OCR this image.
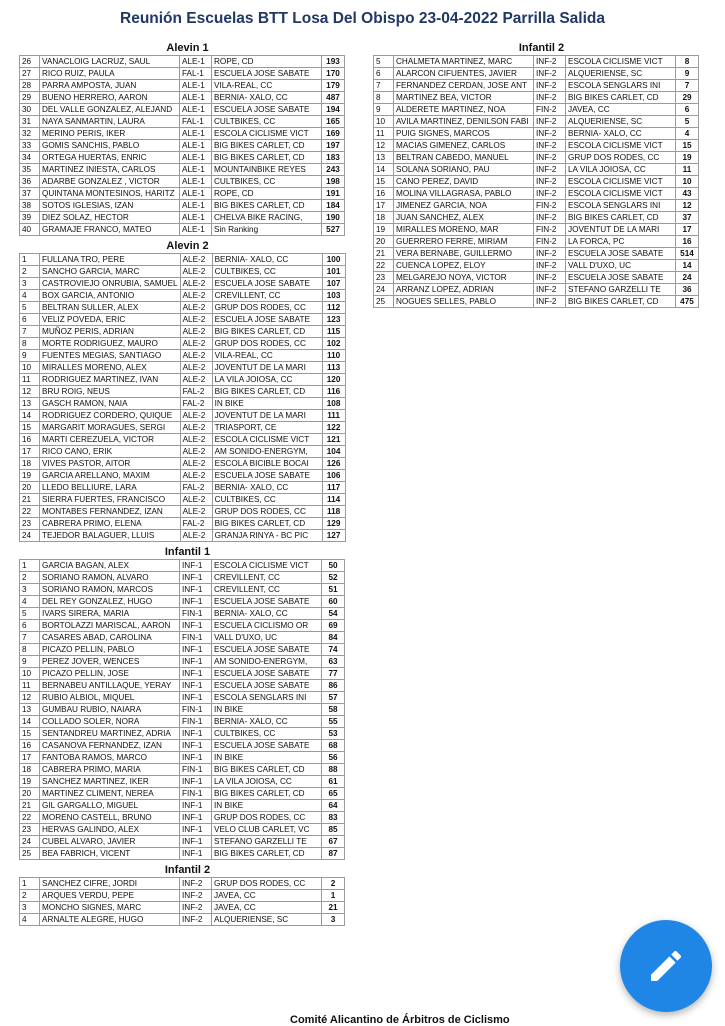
Reunión Escuelas BTT Losa Del Obispo 23-04-2022 Parrilla Salida
Alevin 1
26	VANACLOIG LACRUZ, SAUL	ALE-1	ROPE, CD	193
27	RICO RUIZ, PAULA	FAL-1	ESCUELA JOSE SABATE	170
28	PARRA AMPOSTA, JUAN	ALE-1	VILA-REAL, CC	179
29	BUENO HERRERO, AARON	ALE-1	BERNIA- XALO, CC	487
30	DEL VALLE GONZALEZ, ALEJAND	ALE-1	ESCUELA JOSE SABATE	194
31	NAYA SANMARTIN, LAURA	FAL-1	CULTBIKES, CC	165
32	MERINO PERIS, IKER	ALE-1	ESCOLA CICLISME VICT	169
33	GOMIS SANCHIS, PABLO	ALE-1	BIG BIKES CARLET, CD	197
34	ORTEGA HUERTAS, ENRIC	ALE-1	BIG BIKES CARLET, CD	183
35	MARTINEZ INIESTA, CARLOS	ALE-1	MOUNTAINBIKE REYES	243
36	ADARBE GONZALEZ , VICTOR	ALE-1	CULTBIKES, CC	198
37	QUINTANA MONTESINOS, HARITZ	ALE-1	ROPE, CD	191
38	SOTOS IGLESIAS, IZAN	ALE-1	BIG BIKES CARLET, CD	184
39	DIEZ SOLAZ, HECTOR	ALE-1	CHELVA BIKE RACING,	190
40	GRAMAJE FRANCO, MATEO	ALE-1	Sin Ranking	527
Alevin 2
1	FULLANA TRO, PERE	ALE-2	BERNIA- XALO, CC	100
2	SANCHO GARCIA, MARC	ALE-2	CULTBIKES, CC	101
3	CASTROVIEJO ONRUBIA, SAMUEL	ALE-2	ESCUELA JOSE SABATE	107
4	BOX GARCIA, ANTONIO	ALE-2	CREVILLENT, CC	103
5	BELTRAN SULLER, ALEX	ALE-2	GRUP DOS RODES, CC	112
6	VELIZ POVEDA, ERIC	ALE-2	ESCUELA JOSE SABATE	123
7	MUÑOZ PERIS, ADRIAN	ALE-2	BIG BIKES CARLET, CD	115
8	MORTE RODRIGUEZ, MAURO	ALE-2	GRUP DOS RODES, CC	102
9	FUENTES MEGIAS, SANTIAGO	ALE-2	VILA-REAL, CC	110
10	MIRALLES MORENO, ALEX	ALE-2	JOVENTUT DE LA MARI	113
11	RODRIGUEZ MARTINEZ, IVAN	ALE-2	LA VILA JOIOSA, CC	120
12	BRU ROIG, NEUS	FAL-2	BIG BIKES CARLET, CD	116
13	GASCH RAMON, NAIA	FAL-2	IN BIKE	108
14	RODRIGUEZ CORDERO, QUIQUE	ALE-2	JOVENTUT DE LA MARI	111
15	MARGARIT MORAGUES, SERGI	ALE-2	TRIASPORT, CE	122
16	MARTI CEREZUELA, VICTOR	ALE-2	ESCOLA CICLISME VICT	121
17	RICO CANO, ERIK	ALE-2	AM SONIDO-ENERGYM,	104
18	VIVES PASTOR, AITOR	ALE-2	ESCOLA BICIBLE BOCAI	126
19	GARCIA ARELLANO, MAXIM	ALE-2	ESCUELA JOSE SABATE	106
20	LLEDO BELLIURE, LARA	FAL-2	BERNIA- XALO, CC	117
21	SIERRA FUERTES, FRANCISCO	ALE-2	CULTBIKES, CC	114
22	MONTABES FERNANDEZ, IZAN	ALE-2	GRUP DOS RODES, CC	118
23	CABRERA PRIMO, ELENA	FAL-2	BIG BIKES CARLET, CD	129
24	TEJEDOR BALAGUER, LLUIS	ALE-2	GRANJA RINYA - BC PIC	127
Infantil 1
1	GARCIA BAGAN, ALEX	INF-1	ESCOLA CICLISME VICT	50
2	SORIANO RAMON, ALVARO	INF-1	CREVILLENT, CC	52
3	SORIANO RAMON, MARCOS	INF-1	CREVILLENT, CC	51
4	DEL REY GONZALEZ, HUGO	INF-1	ESCUELA JOSE SABATE	60
5	IVARS SIRERA, MARIA	FIN-1	BERNIA- XALO, CC	54
6	BORTOLAZZI MARISCAL, AARON	INF-1	ESCUELA CICLISMO OR	69
7	CASARES ABAD, CAROLINA	FIN-1	VALL D'UXO, UC	84
8	PICAZO PELLIN, PABLO	INF-1	ESCUELA JOSE SABATE	74
9	PEREZ JOVER, WENCES	INF-1	AM SONIDO-ENERGYM,	63
10	PICAZO PELLIN, JOSE	INF-1	ESCUELA JOSE SABATE	77
11	BERNABEU ANTILLAQUE, YERAY	INF-1	ESCUELA JOSE SABATE	86
12	RUBIO ALBIOL, MIQUEL	INF-1	ESCOLA SENGLARS INI	57
13	GUMBAU RUBIO, NAIARA	FIN-1	IN BIKE	58
14	COLLADO SOLER, NORA	FIN-1	BERNIA- XALO, CC	55
15	SENTANDREU MARTINEZ, ADRIA	INF-1	CULTBIKES, CC	53
16	CASANOVA FERNANDEZ, IZAN	INF-1	ESCUELA JOSE SABATE	68
17	FANTOBA RAMOS, MARCO	INF-1	IN BIKE	56
18	CABRERA PRIMO, MARIA	FIN-1	BIG BIKES CARLET, CD	88
19	SANCHEZ MARTINEZ, IKER	INF-1	LA VILA JOIOSA, CC	61
20	MARTINEZ CLIMENT, NEREA	FIN-1	BIG BIKES CARLET, CD	65
21	GIL GARGALLO, MIGUEL	INF-1	IN BIKE	64
22	MORENO CASTELL, BRUNO	INF-1	GRUP DOS RODES, CC	83
23	HERVAS GALINDO, ALEX	INF-1	VELO CLUB CARLET, VC	85
24	CUBEL ALVARO, JAVIER	INF-1	STEFANO GARZELLI TE	67
25	BEA FABRICH, VICENT	INF-1	BIG BIKES CARLET, CD	87
Infantil 2
1	SANCHEZ CIFRE, JORDI	INF-2	GRUP DOS RODES, CC	2
2	ARQUES VERDU, PEPE	INF-2	JAVEA, CC	1
3	MONCHO SIGNES, MARC	INF-2	JAVEA, CC	21
4	ARNALTE ALEGRE, HUGO	INF-2	ALQUERIENSE, SC	3
Infantil 2
5	CHALMETA MARTINEZ, MARC	INF-2	ESCOLA CICLISME VICT	8
6	ALARCON CIFUENTES, JAVIER	INF-2	ALQUERIENSE, SC	9
7	FERNANDEZ CERDAN, JOSE ANT	INF-2	ESCOLA SENGLARS INI	7
8	MARTINEZ BEA, VICTOR	INF-2	BIG BIKES CARLET, CD	29
9	ALDERETE MARTINEZ, NOA	FIN-2	JAVEA, CC	6
10	AVILA MARTINEZ, DENILSON FABI	INF-2	ALQUERIENSE, SC	5
11	PUIG SIGNES, MARCOS	INF-2	BERNIA- XALO, CC	4
12	MACIAS GIMENEZ, CARLOS	INF-2	ESCOLA CICLISME VICT	15
13	BELTRAN CABEDO, MANUEL	INF-2	GRUP DOS RODES, CC	19
14	SOLANA SORIANO, PAU	INF-2	LA VILA JOIOSA, CC	11
15	CANO PEREZ, DAVID	INF-2	ESCOLA CICLISME VICT	10
16	MOLINA VILLAGRASA, PABLO	INF-2	ESCOLA CICLISME VICT	43
17	JIMENEZ GARCIA, NOA	FIN-2	ESCOLA SENGLARS INI	12
18	JUAN SANCHEZ, ALEX	INF-2	BIG BIKES CARLET, CD	37
19	MIRALLES MORENO, MAR	FIN-2	JOVENTUT DE LA MARI	17
20	GUERRERO FERRE, MIRIAM	FIN-2	LA FORCA, PC	16
21	VERA BERNABE, GUILLERMO	INF-2	ESCUELA JOSE SABATE	514
22	CUENCA LOPEZ, ELOY	INF-2	VALL D'UXO, UC	14
23	MELGAREJO NOYA, VICTOR	INF-2	ESCUELA JOSE SABATE	24
24	ARRANZ LOPEZ, ADRIAN	INF-2	STEFANO GARZELLI TE	36
25	NOGUES SELLES, PABLO	INF-2	BIG BIKES CARLET, CD	475
Comité Alicantino de Árbitros de Ciclismo
